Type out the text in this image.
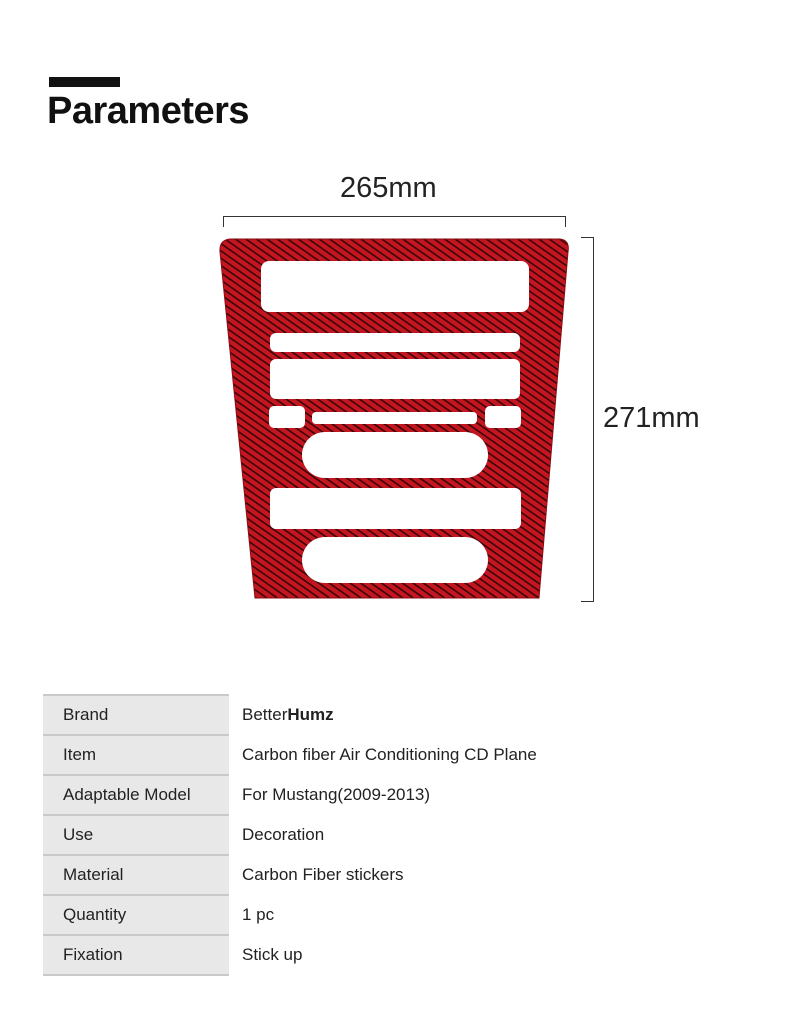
Parameters
265mm
271mm
Brand	BetterHumz
Item	Carbon fiber Air Conditioning CD Plane
Adaptable Model	For Mustang(2009-2013)
Use	Decoration
Material	Carbon Fiber stickers
Quantity	1 pc
Fixation	Stick up
